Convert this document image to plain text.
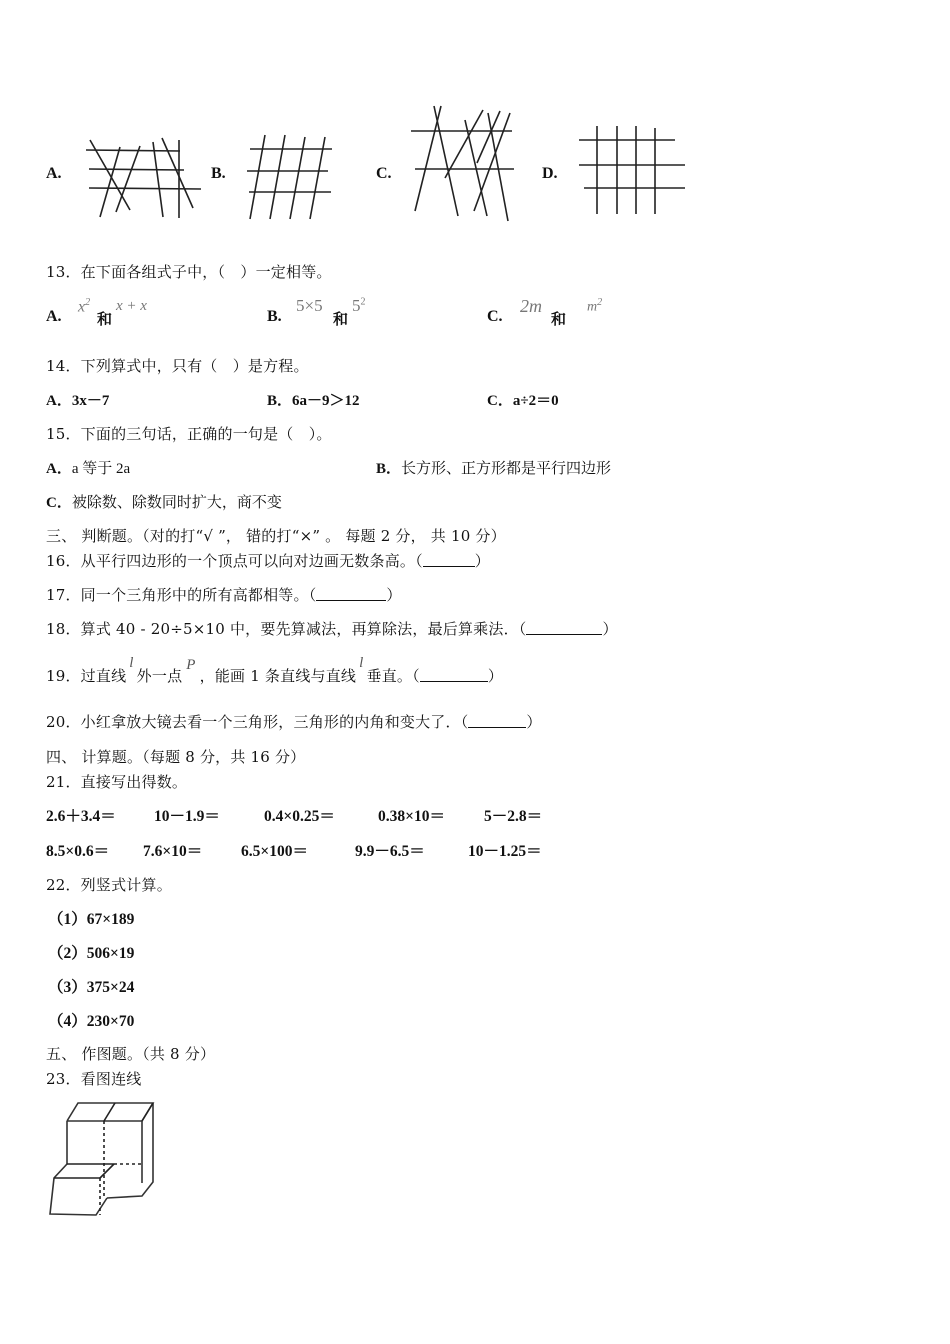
A.	B.	C.	D.
13．在下面各组式子中，（　）一定相等。
A.
$x^2$
和
x + x
B.
5×5
和
$5^2$
C.
2m
和
$m^2$
14．下列算式中，只有（　）是方程。
A．3x－7	B．6a－9＞12	C．a÷2＝0
15．下面的三句话，正确的一句是（　）。
A．a 等于 2a	B．长方形、正方形都是平行四边形
C．被除数、除数同时扩大，商不变
三、 判断题。（对的打“√ ”， 错的打“×” 。 每题 2 分， 共 10 分）
16．从平行四边形的一个顶点可以向对边画无数条高。（	）
17．同一个三角形中的所有高都相等。（	）
18．算式 40 - 20÷5×10 中，要先算减法，再算除法，最后算乘法．（	）
19．过直线l外一点P，能画 1 条直线与直线l垂直。（	）
20．小红拿放大镜去看一个三角形，三角形的内角和变大了．（	）
四、 计算题。（每题 8 分，共 16 分）
21．直接写出得数。
2.6＋3.4＝ 10－1.9＝	0.4×0.25＝	0.38×10＝	5－2.8＝
8.5×0.6＝ 7.6×10＝	6.5×100＝	9.9－6.5＝	10－1.25＝
22．列竖式计算。
（1）67×189
（2）506×19
（3）375×24
（4）230×70
五、 作图题。（共 8 分）
23．看图连线
